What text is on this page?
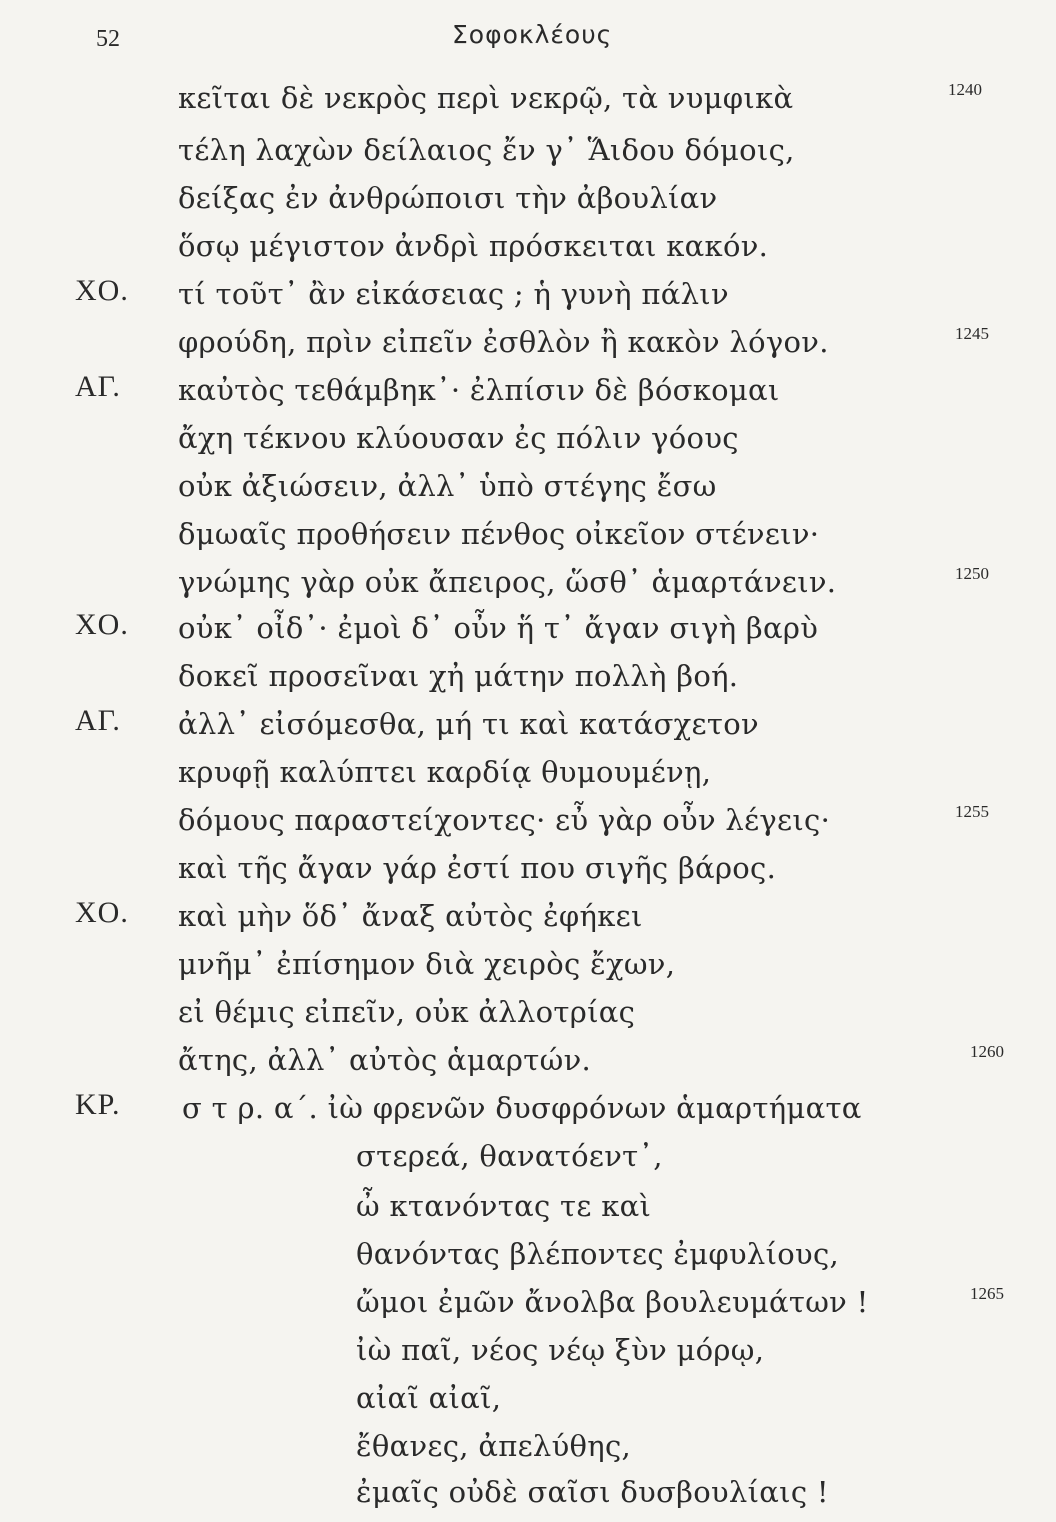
52	Σοφοκλέους
κεῖται δὲ νεκρὸς περὶ νεκρῷ, τὰ νυμφικὰ	1240
τέλη λαχὼν δείλαιος ἔν γ᾽ Ἅιδου δόμοις,
δείξας ἐν ἀνθρώποισι τὴν ἀβουλίαν
ὅσῳ μέγιστον ἀνδρὶ πρόσκειται κακόν.
ΧΟ. τί τοῦτ᾽ ἂν εἰκάσειας ; ἡ γυνὴ πάλιν
φρούδη, πρὶν εἰπεῖν ἐσθλὸν ἢ κακὸν λόγον.	1245
ΑΓ. καὐτὸς τεθάμβηκ᾽· ἐλπίσιν δὲ βόσκομαι
ἄχη τέκνου κλύουσαν ἐς πόλιν γόους
οὐκ ἀξιώσειν, ἀλλ᾽ ὑπὸ στέγης ἔσω
δμωαῖς προθήσειν πένθος οἰκεῖον στένειν·
γνώμης γὰρ οὐκ ἄπειρος, ὥσθ᾽ ἁμαρτάνειν.	1250
ΧΟ. οὐκ᾽ οἶδ᾽· ἐμοὶ δ᾽ οὖν ἥ τ᾽ ἄγαν σιγὴ βαρὺ
δοκεῖ προσεῖναι χἠ μάτην πολλὴ βοή.
ΑΓ. ἀλλ᾽ εἰσόμεσθα, μή τι καὶ κατάσχετον
κρυφῇ καλύπτει καρδίᾳ θυμουμένῃ,
δόμους παραστείχοντες· εὖ γὰρ οὖν λέγεις·	1255
καὶ τῆς ἄγαν γάρ ἐστί που σιγῆς βάρος.
ΧΟ. καὶ μὴν ὅδ᾽ ἄναξ αὐτὸς ἐφήκει
μνῆμ᾽ ἐπίσημον διὰ χειρὸς ἔχων,
εἰ θέμις εἰπεῖν, οὐκ ἀλλοτρίας
ἄτης, ἀλλ᾽ αὐτὸς ἁμαρτών.	1260
ΚΡ. σ τ ρ. α΄. ἰὼ φρενῶν δυσφρόνων ἁμαρτήματα
στερεά, θανατόεντ᾽,
ὦ κτανόντας τε καὶ
θανόντας βλέποντες ἐμφυλίους,
ὤμοι ἐμῶν ἄνολβα βουλευμάτων !	1265
ἰὼ παῖ, νέος νέῳ ξὺν μόρῳ,
αἰαῖ αἰαῖ,
ἔθανες, ἀπελύθης,
ἐμαῖς οὐδὲ σαῖσι δυσβουλίαις !
